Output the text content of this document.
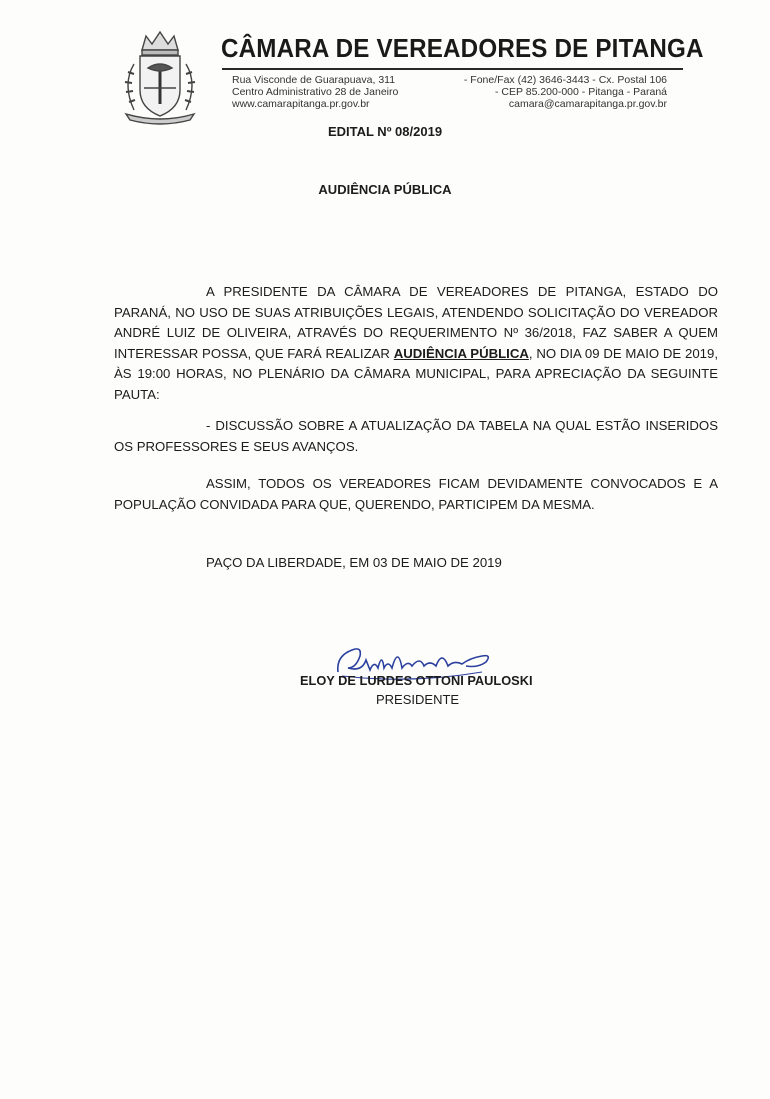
CÂMARA DE VEREADORES DE PITANGA
Rua Visconde de Guarapuava, 311	- Fone/Fax (42) 3646-3443 - Cx. Postal 106
Centro Administrativo 28 de Janeiro	- CEP 85.200-000 - Pitanga - Paraná
www.camarapitanga.pr.gov.br	camara@camarapitanga.pr.gov.br
EDITAL Nº 08/2019
AUDIÊNCIA PÚBLICA
A PRESIDENTE DA CÂMARA DE VEREADORES DE PITANGA, ESTADO DO PARANÁ, NO USO DE SUAS ATRIBUIÇÕES LEGAIS, ATENDENDO SOLICITAÇÃO DO VEREADOR ANDRÉ LUIZ DE OLIVEIRA, ATRAVÉS DO REQUERIMENTO Nº 36/2018, FAZ SABER A QUEM INTERESSAR POSSA, QUE FARÁ REALIZAR AUDIÊNCIA PÚBLICA, NO DIA 09 DE MAIO DE 2019, ÀS 19:00 HORAS, NO PLENÁRIO DA CÂMARA MUNICIPAL, PARA APRECIAÇÃO DA SEGUINTE PAUTA:
- DISCUSSÃO SOBRE A ATUALIZAÇÃO DA TABELA NA QUAL ESTÃO INSERIDOS OS PROFESSORES E SEUS AVANÇOS.
ASSIM, TODOS OS VEREADORES FICAM DEVIDAMENTE CONVOCADOS E A POPULAÇÃO CONVIDADA PARA QUE, QUERENDO, PARTICIPEM DA MESMA.
PAÇO DA LIBERDADE, EM 03 DE MAIO DE 2019
ELOY DE LURDES OTTONI PAULOSKI
PRESIDENTE
